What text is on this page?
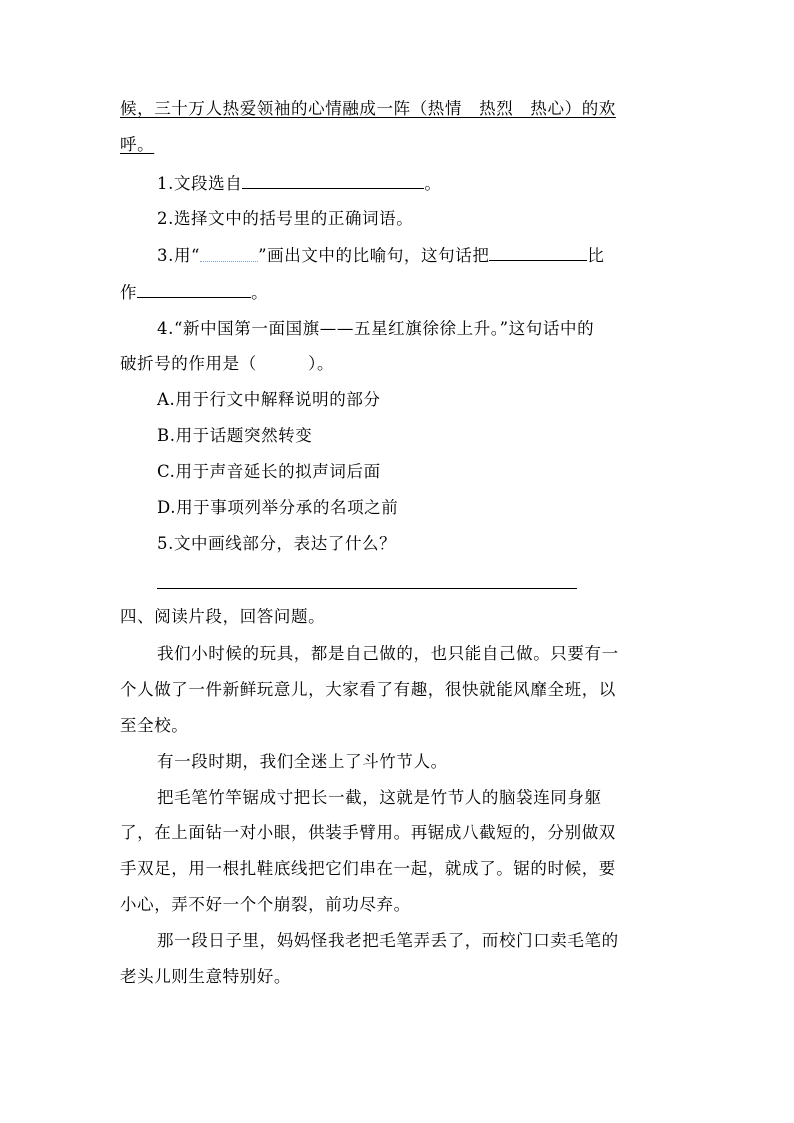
候，三十万人热爱领袖的心情融成一阵（热情　热烈　热心）的欢
呼。
1.文段选自	。
2.选择文中的括号里的正确词语。
3.用“	”画出文中的比喻句，这句话把	比
作	。
4.“新中国第一面国旗——五星红旗徐徐上升。”这句话中的
破折号的作用是（　　　）。
A.用于行文中解释说明的部分
B.用于话题突然转变
C.用于声音延长的拟声词后面
D.用于事项列举分承的名项之前
5.文中画线部分，表达了什么？
四、阅读片段，回答问题。
我们小时候的玩具，都是自己做的，也只能自己做。只要有一
个人做了一件新鲜玩意儿，大家看了有趣，很快就能风靡全班，以
至全校。
有一段时期，我们全迷上了斗竹节人。
把毛笔竹竿锯成寸把长一截，这就是竹节人的脑袋连同身躯
了，在上面钻一对小眼，供装手臂用。再锯成八截短的，分别做双
手双足，用一根扎鞋底线把它们串在一起，就成了。锯的时候，要
小心，弄不好一个个崩裂，前功尽弃。
那一段日子里，妈妈怪我老把毛笔弄丢了，而校门口卖毛笔的
老头儿则生意特别好。
